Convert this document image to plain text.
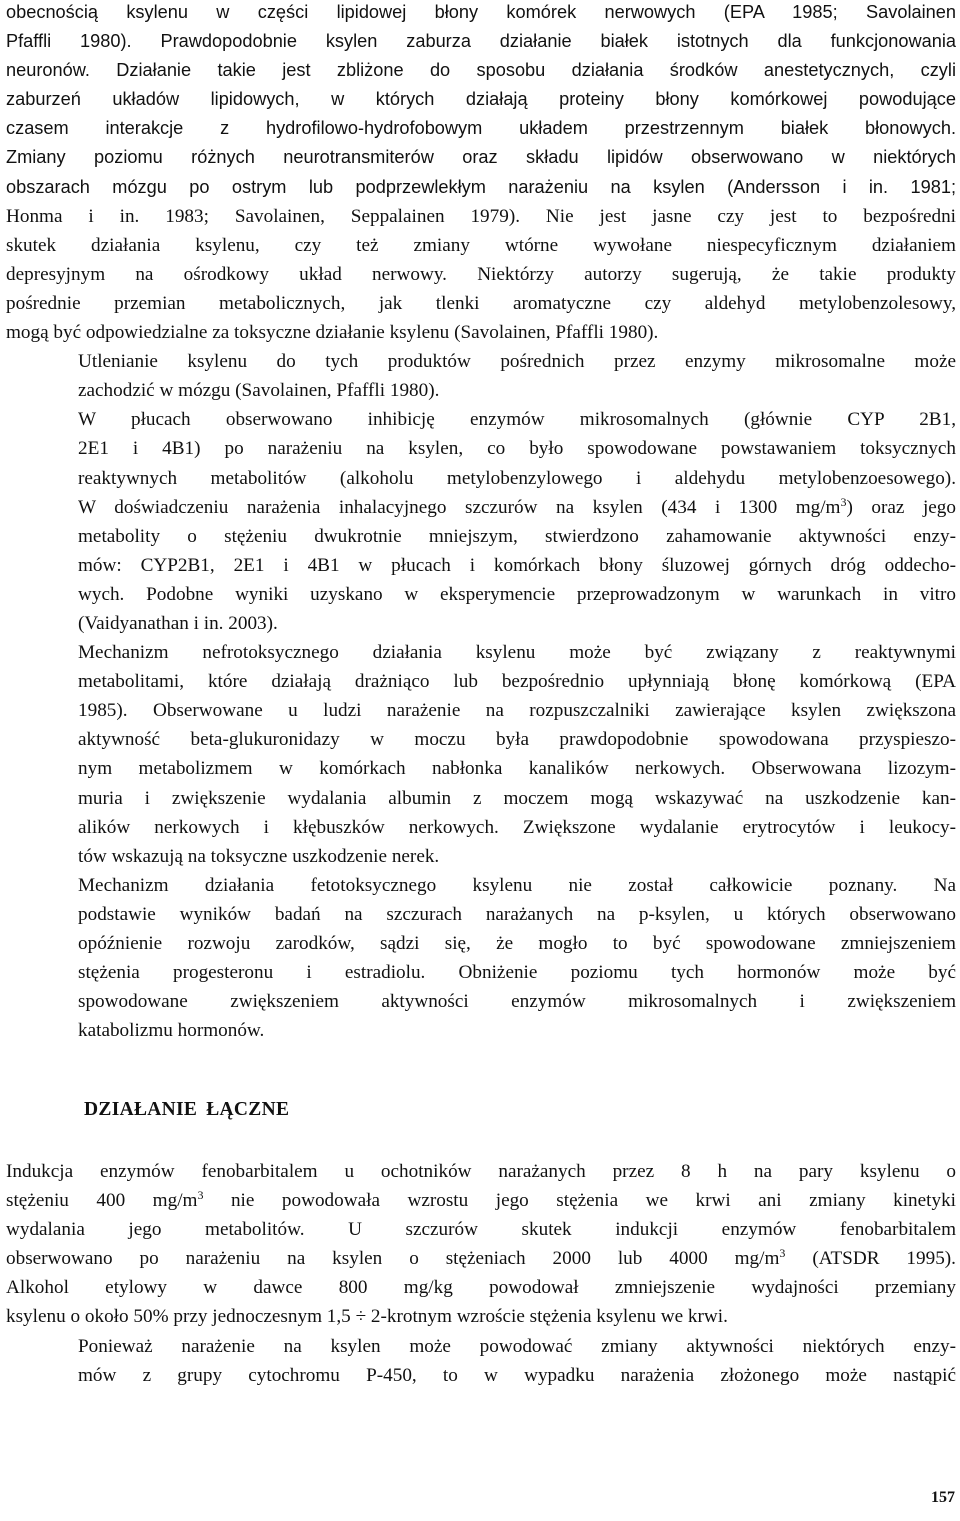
obecnością ksylenu w części lipidowej błony komórek nerwowych (EPA 1985; Savolainen
Pfaffli 1980). Prawdopodobnie ksylen zaburza działanie białek istotnych dla funkcjonowania
neuronów. Działanie takie jest zbliżone do sposobu działania środków anestetycznych, czyli
zaburzeń układów lipidowych, w których działają proteiny błony komórkowej powodujące
czasem interakcje z hydrofilowo-hydrofobowym układem przestrzennym białek błonowych.
Zmiany poziomu różnych neurotransmiterów oraz składu lipidów obserwowano w niektórych
obszarach mózgu po ostrym lub podprzewlekłym narażeniu na ksylen (Andersson i in. 1981;
Honma i in. 1983; Savolainen, Seppalainen 1979). Nie jest jasne czy jest to bezpośredni
skutek działania ksylenu, czy też zmiany wtórne wywołane niespecyficznym działaniem
depresyjnym na ośrodkowy układ nerwowy. Niektórzy autorzy sugerują, że takie produkty
pośrednie przemian metabolicznych, jak tlenki aromatyczne czy aldehyd metylobenzolesowy,
mogą być odpowiedzialne za toksyczne działanie ksylenu (Savolainen, Pfaffli 1980).

Utlenianie ksylenu do tych produktów pośrednich przez enzymy mikrosomalne może
zachodzić w mózgu (Savolainen, Pfaffli 1980).

W płucach obserwowano inhibicję enzymów mikrosomalnych (głównie CYP 2B1,
2E1 i 4B1) po narażeniu na ksylen, co było spowodowane powstawaniem toksycznych
reaktywnych metabolitów (alkoholu metylobenzylowego i aldehydu metylobenzoesowego).
W doświadczeniu narażenia inhalacyjnego szczurów na ksylen (434 i 1300 $mg/m^3$) oraz jego
metabolity o stężeniu dwukrotnie mniejszym, stwierdzono zahamowanie aktywności enzy-
mów: CYP2B1, 2E1 i 4B1 w płucach i komórkach błony śluzowej górnych dróg oddecho-
wych. Podobne wyniki uzyskano w eksperymencie przeprowadzonym w warunkach in vitro
(Vaidyanathan i in. 2003).

Mechanizm nefrotoksycznego działania ksylenu może być związany z reaktywnymi
metabolitami, które działają drażniąco lub bezpośrednio upłynniają błonę komórkową (EPA
1985). Obserwowane u ludzi narażenie na rozpuszczalniki zawierające ksylen zwiększona
aktywność beta-glukuronidazy w moczu była prawdopodobnie spowodowana przyspieszo-
nym metabolizmem w komórkach nabłonka kanalików nerkowych. Obserwowana lizozym-
muria i zwiększenie wydalania albumin z moczem mogą wskazywać na uszkodzenie kan-
alików nerkowych i kłębuszków nerkowych. Zwiększone wydalanie erytrocytów i leukocy-
tów wskazują na toksyczne uszkodzenie nerek.

Mechanizm działania fetotoksycznego ksylenu nie został całkowicie poznany. Na
podstawie wyników badań na szczurach narażanych na p-ksylen, u których obserwowano
opóźnienie rozwoju zarodków, sądzi się, że mogło to być spowodowane zmniejszeniem
stężenia progesteronu i estradiolu. Obniżenie poziomu tych hormonów może być
spowodowane zwiększeniem aktywności enzymów mikrosomalnych i zwiększeniem
katabolizmu hormonów.

DZIAŁANIE ŁĄCZNE

Indukcja enzymów fenobarbitalem u ochotników narażanych przez 8 h na pary ksylenu o
stężeniu 400 $mg/m^3$ nie powodowała wzrostu jego stężenia we krwi ani zmiany kinetyki
wydalania jego metabolitów. U szczurów skutek indukcji enzymów fenobarbitalem
obserwowano po narażeniu na ksylen o stężeniach 2000 lub 4000 $mg/m^3$ (ATSDR 1995).
Alkohol etylowy w dawce 800 mg/kg powodował zmniejszenie wydajności przemiany
ksylenu o około 50% przy jednoczesnym 1,5 ÷ 2-krotnym wzroście stężenia ksylenu we krwi.

Ponieważ narażenie na ksylen może powodować zmiany aktywności niektórych enzy-
mów z grupy cytochromu P-450, to w wypadku narażenia złożonego może nastąpić

157
